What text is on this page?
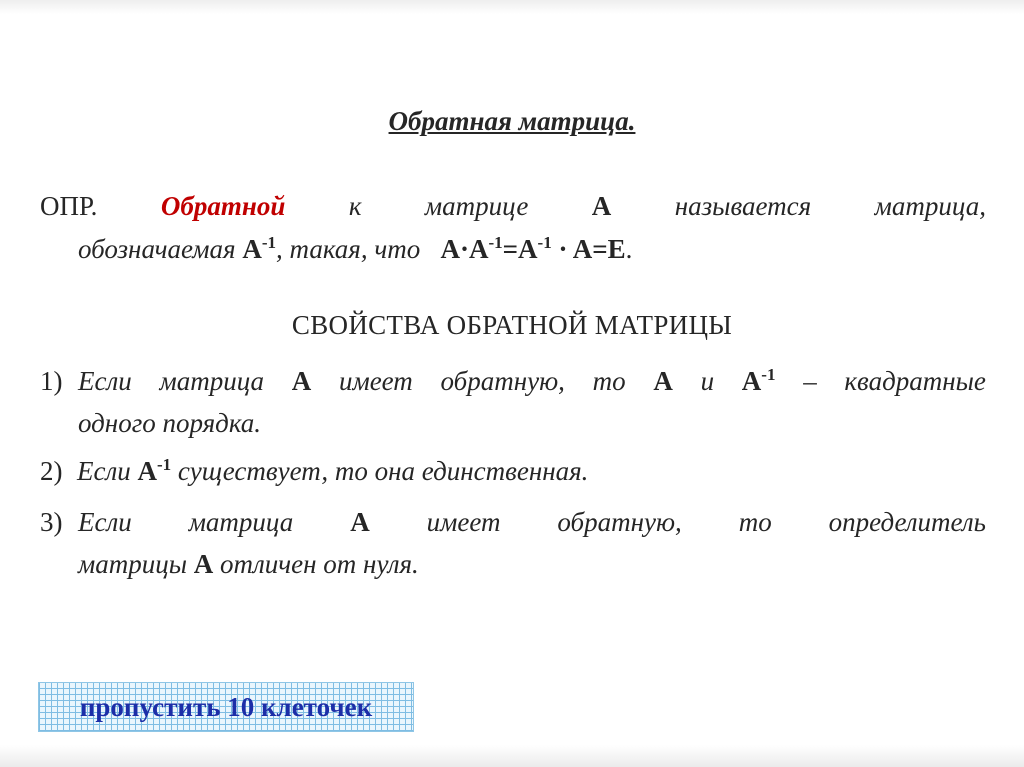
Обратная матрица.
ОПР. Обратной к матрице A называется матрица,
обозначаемая $A^{-1}$, такая, что $A\cdot A^{-1}=A^{-1} \cdot A=E$.
СВОЙСТВА ОБРАТНОЙ МАТРИЦЫ
1) Если матрица A имеет обратную, то A и $A^{-1}$ – квадратные
одного порядка.
2) Если $A^{-1}$ существует, то она единственная.
3) Если матрица A имеет обратную, то определитель
матрицы A отличен от нуля.
пропустить 10 клеточек
